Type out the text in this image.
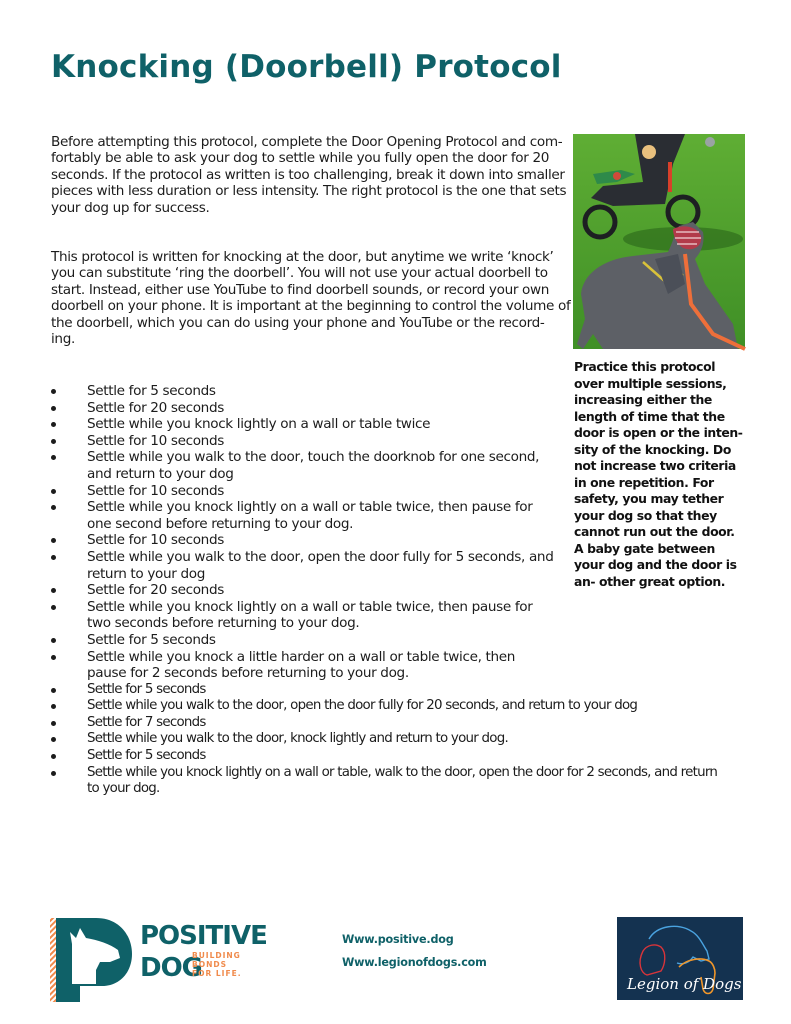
Knocking (Doorbell) Protocol

Before attempting this protocol, complete the Door Opening Protocol and com- fortably be able to ask your dog to settle while you fully open the door for 20 seconds. If the protocol as written is too challenging, break it down into smaller pieces with less duration or less intensity. The right protocol is the one that sets your dog up for success.

This protocol is written for knocking at the door, but anytime we write ‘knock’ you can substitute ‘ring the doorbell’. You will not use your actual doorbell to start. Instead, either use YouTube to find doorbell sounds, or record your own doorbell on your phone. It is important at the beginning to control the volume of the doorbell, which you can do using your phone and YouTube or the record- ing.

Practice this protocol over multiple sessions, increasing either the length of time that the door is open or the inten- sity of the knocking. Do not increase two criteria in one repetition. For safety, you may tether your dog so that they cannot run out the door. A baby gate between your dog and the door is an- other great option.

Settle for 5 seconds
Settle for 20 seconds
Settle while you knock lightly on a wall or table twice
Settle for 10 seconds
Settle while you walk to the door, touch the doorknob for one second, and return to your dog
Settle for 10 seconds
Settle while you knock lightly on a wall or table twice, then pause for one second before returning to your dog.
Settle for 10 seconds
Settle while you walk to the door, open the door fully for 5 seconds, and return to your dog
Settle for 20 seconds
Settle while you knock lightly on a wall or table twice, then pause for two seconds before returning to your dog.
Settle for 5 seconds
Settle while you knock a little harder on a wall or table twice, then pause for 2 seconds before returning to your dog.
Settle for 5 seconds
Settle while you walk to the door, open the door fully for 20 seconds, and return to your dog
Settle for 7 seconds
Settle while you walk to the door, knock lightly and return to your dog.
Settle for 5 seconds
Settle while you knock lightly on a wall or table, walk to the door, open the door for 2 seconds, and return to your dog.
POSITIVE
DOG
BUILDING
BONDS
FOR LIFE.
Www.positive.dog
Www.legionofdogs.com
Legion of Dogs
